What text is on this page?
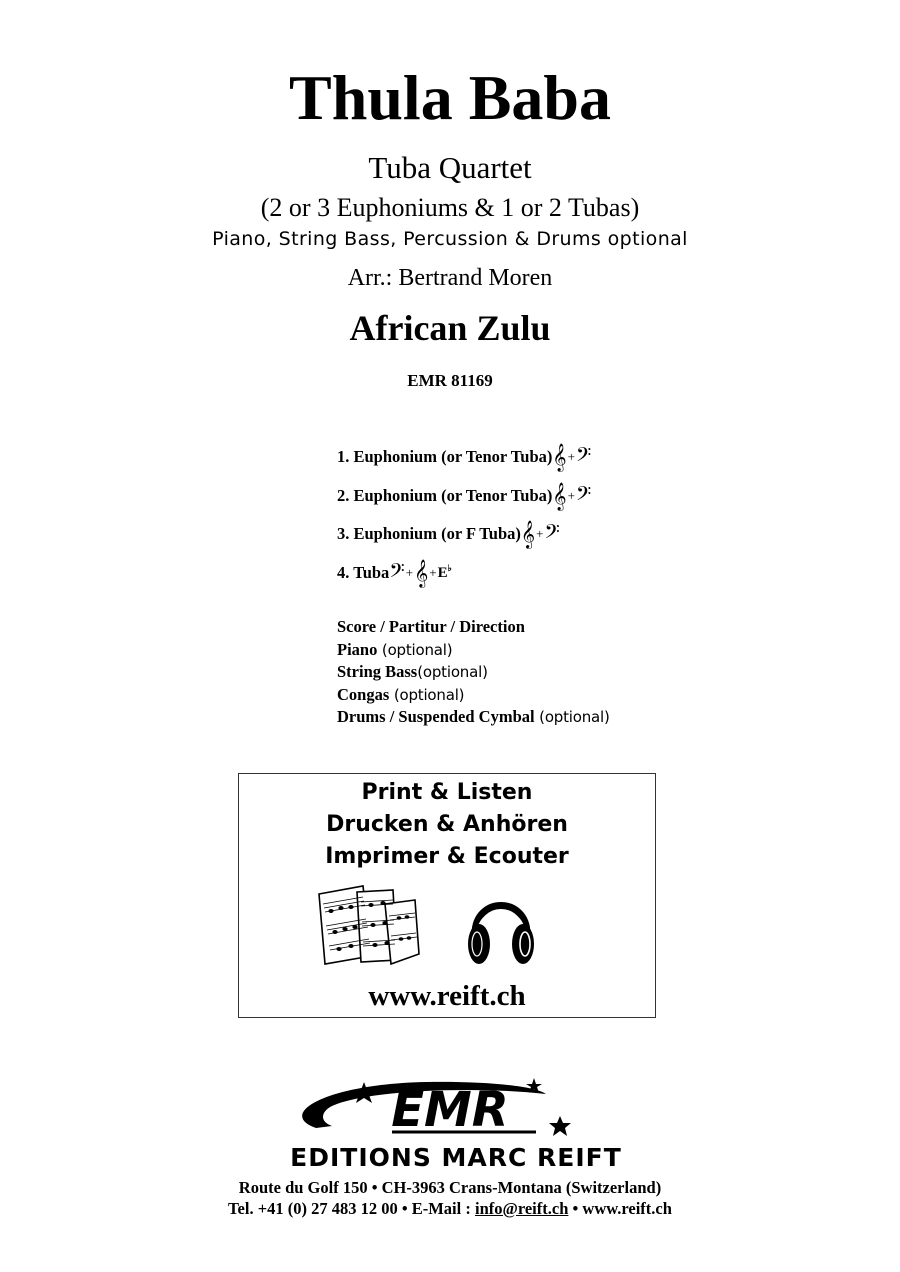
Thula Baba
Tuba Quartet
(2 or 3 Euphoniums & 1 or 2 Tubas)
Piano, String Bass, Percussion & Drums optional
Arr.: Bertrand Moren
African Zulu
EMR 81169
1. Euphonium (or Tenor Tuba) 𝄞 + 𝄢
2. Euphonium (or Tenor Tuba) 𝄞 + 𝄢
3. Euphonium (or F Tuba) 𝄞 + 𝄢
4. Tuba 𝄢 + 𝄞 + E♭
Score / Partitur / Direction
Piano (optional)
String Bass(optional)
Congas (optional)
Drums / Suspended Cymbal (optional)
Print & Listen
Drucken & Anhören
Imprimer & Ecouter
www.reift.ch
EMR
EDITIONS MARC REIFT
Route du Golf 150 • CH-3963 Crans-Montana (Switzerland)
Tel. +41 (0) 27 483 12 00 • E-Mail : info@reift.ch • www.reift.ch
